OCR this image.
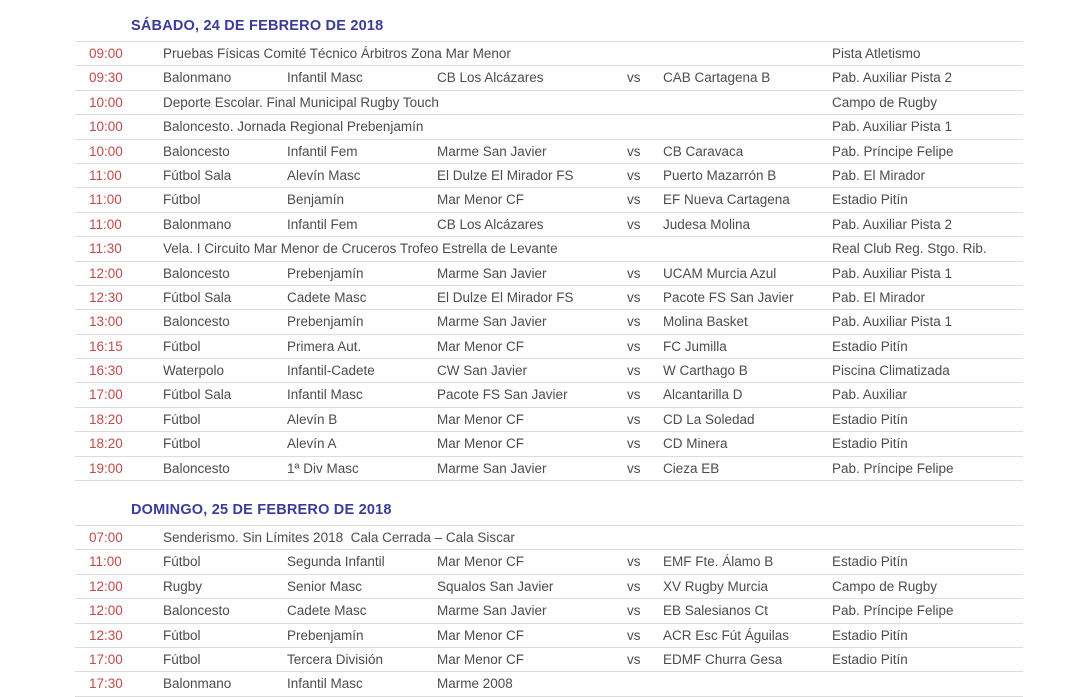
SÁBADO, 24 DE FEBRERO DE 2018
09:00	Pruebas Físicas Comité Técnico Árbitros Zona Mar Menor	Pista Atletismo
09:30	Balonmano	Infantil Masc	CB Los Alcázares	vs CAB Cartagena B	Pab. Auxiliar Pista 2
10:00	Deporte Escolar. Final Municipal Rugby Touch	Campo de Rugby
10:00	Baloncesto. Jornada Regional Prebenjamín	Pab. Auxiliar Pista 1
10:00	Baloncesto	Infantil Fem	Marme San Javier	vs CB Caravaca	Pab. Príncipe Felipe
11:00	Fútbol Sala	Alevín Masc	El Dulze El Mirador FS	vs Puerto Mazarrón B	Pab. El Mirador
11:00	Fútbol	Benjamín	Mar Menor CF	vs EF Nueva Cartagena	Estadio Pitín
11:00	Balonmano	Infantil Fem	CB Los Alcázares	vs Judesa Molina	Pab. Auxiliar Pista 2
11:30	Vela. I Circuito Mar Menor de Cruceros Trofeo Estrella de Levante	Real Club Reg. Stgo. Rib.
12:00	Baloncesto	Prebenjamín	Marme San Javier	vs UCAM Murcia Azul	Pab. Auxiliar Pista 1
12:30	Fútbol Sala	Cadete Masc	El Dulze El Mirador FS	vs Pacote FS San Javier	Pab. El Mirador
13:00	Baloncesto	Prebenjamín	Marme San Javier	vs Molina Basket	Pab. Auxiliar Pista 1
16:15	Fútbol	Primera Aut.	Mar Menor CF	vs FC Jumilla	Estadio Pitín
16:30	Waterpolo	Infantil-Cadete	CW San Javier	vs W Carthago B	Piscina Climatizada
17:00	Fútbol Sala	Infantil Masc	Pacote FS San Javier	vs Alcantarilla D	Pab. Auxiliar
18:20	Fútbol	Alevín B	Mar Menor CF	vs CD La Soledad	Estadio Pitín
18:20	Fútbol	Alevín A	Mar Menor CF	vs CD Minera	Estadio Pitín
19:00	Baloncesto	1ª Div Masc	Marme San Javier	vs Cieza EB	Pab. Príncipe Felipe
DOMINGO, 25 DE FEBRERO DE 2018
07:00	Senderismo. Sin Límites 2018  Cala Cerrada – Cala Siscar
11:00	Fútbol	Segunda Infantil	Mar Menor CF	vs EMF Fte. Álamo B	Estadio Pitín
12:00	Rugby	Senior Masc	Squalos San Javier	vs XV Rugby Murcia	Campo de Rugby
12:00	Baloncesto	Cadete Masc	Marme San Javier	vs EB Salesianos Ct	Pab. Príncipe Felipe
12:30	Fútbol	Prebenjamín	Mar Menor CF	vs ACR Esc Fút Águilas	Estadio Pitín
17:00	Fútbol	Tercera División	Mar Menor CF	vs EDMF Churra Gesa	Estadio Pitín
17:30	Balonmano	Infantil Masc	Marme 2008
